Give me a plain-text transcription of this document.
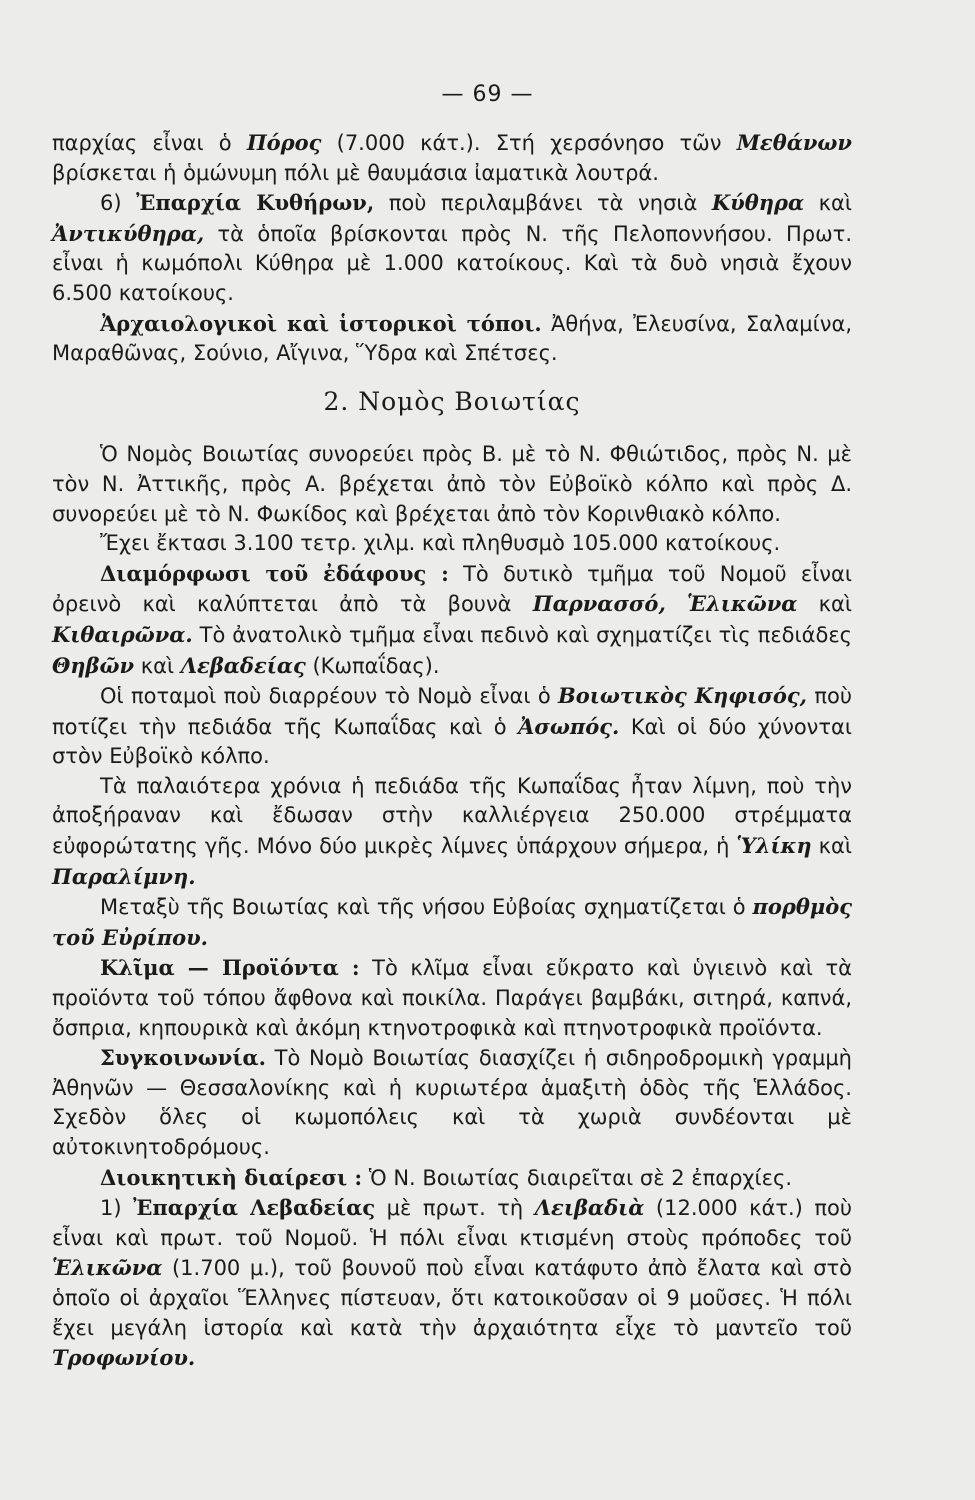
— 69 —

παρχίας εἶναι ὁ Πόρος (7.000 κάτ.). Στή χερσόνησο τῶν Μεθάνων βρίσκεται ἡ ὁμώνυμη πόλι μὲ θαυμάσια ἰαματικὰ λουτρά.

6) Ἐπαρχία Κυθήρων, ποὺ περιλαμβάνει τὰ νησιὰ Κύθηρα καὶ Ἀντικύθηρα, τὰ ὁποῖα βρίσκονται πρὸς Ν. τῆς Πελοποννήσου. Πρωτ. εἶναι ἡ κωμόπολι Κύθηρα μὲ 1.000 κατοίκους. Καὶ τὰ δυὸ νησιὰ ἔχουν 6.500 κατοίκους.

Ἀρχαιολογικοὶ καὶ ἱστορικοὶ τόποι. Ἀθήνα, Ἐλευσίνα, Σαλαμίνα, Μαραθῶνας, Σούνιο, Αἴγινα, Ὕδρα καὶ Σπέτσες.

2. Νομὸς Βοιωτίας

Ὁ Νομὸς Βοιωτίας συνορεύει πρὸς Β. μὲ τὸ Ν. Φθιώτιδος, πρὸς Ν. μὲ τὸν Ν. Ἀττικῆς, πρὸς Α. βρέχεται ἀπὸ τὸν Εὐβοϊκὸ κόλπο καὶ πρὸς Δ. συνορεύει μὲ τὸ Ν. Φωκίδος καὶ βρέχεται ἀπὸ τὸν Κορινθιακὸ κόλπο.

Ἔχει ἔκτασι 3.100 τετρ. χιλμ. καὶ πληθυσμὸ 105.000 κατοίκους.

Διαμόρφωσι τοῦ ἐδάφους : Τὸ δυτικὸ τμῆμα τοῦ Νομοῦ εἶναι ὀρεινὸ καὶ καλύπτεται ἀπὸ τὰ βουνὰ Παρνασσό, Ἑλικῶνα καὶ Κιθαιρῶνα. Τὸ ἀνατολικὸ τμῆμα εἶναι πεδινὸ καὶ σχηματίζει τὶς πεδιάδες Θηβῶν καὶ Λεβαδείας (Κωπαΐδας).

Οἱ ποταμοὶ ποὺ διαρρέουν τὸ Νομὸ εἶναι ὁ Βοιωτικὸς Κηφισός, ποὺ ποτίζει τὴν πεδιάδα τῆς Κωπαΐδας καὶ ὁ Ἀσωπός. Καὶ οἱ δύο χύνονται στὸν Εὐβοϊκὸ κόλπο.

Τὰ παλαιότερα χρόνια ἡ πεδιάδα τῆς Κωπαΐδας ἦταν λίμνη, ποὺ τὴν ἀποξήραναν καὶ ἔδωσαν στὴν καλλιέργεια 250.000 στρέμματα εὐφορώτατης γῆς. Μόνο δύο μικρὲς λίμνες ὑπάρχουν σήμερα, ἡ Ὑλίκη καὶ Παραλίμνη.

Μεταξὺ τῆς Βοιωτίας καὶ τῆς νήσου Εὐβοίας σχηματίζεται ὁ πορθμὸς τοῦ Εὐρίπου.

Κλῖμα — Προϊόντα : Τὸ κλῖμα εἶναι εὔκρατο καὶ ὑγιεινὸ καὶ τὰ προϊόντα τοῦ τόπου ἄφθονα καὶ ποικίλα. Παράγει βαμβάκι, σιτηρά, καπνά, ὄσπρια, κηπουρικὰ καὶ ἀκόμη κτηνοτροφικὰ καὶ πτηνοτροφικὰ προϊόντα.

Συγκοινωνία. Τὸ Νομὸ Βοιωτίας διασχίζει ἡ σιδηροδρομικὴ γραμμὴ Ἀθηνῶν — Θεσσαλονίκης καὶ ἡ κυριωτέρα ἁμαξιτὴ ὁδὸς τῆς Ἑλλάδος. Σχεδὸν ὅλες οἱ κωμοπόλεις καὶ τὰ χωριὰ συνδέονται μὲ αὐτοκινητοδρόμους.

Διοικητικὴ διαίρεσι : Ὁ Ν. Βοιωτίας διαιρεῖται σὲ 2 ἐπαρχίες.

1) Ἐπαρχία Λεβαδείας μὲ πρωτ. τὴ Λειβαδιὰ (12.000 κάτ.) ποὺ εἶναι καὶ πρωτ. τοῦ Νομοῦ. Ἡ πόλι εἶναι κτισμένη στοὺς πρόποδες τοῦ Ἑλικῶνα (1.700 μ.), τοῦ βουνοῦ ποὺ εἶναι κατάφυτο ἀπὸ ἔλατα καὶ στὸ ὁποῖο οἱ ἀρχαῖοι Ἕλληνες πίστευαν, ὅτι κατοικοῦσαν οἱ 9 μοῦσες. Ἡ πόλι ἔχει μεγάλη ἱστορία καὶ κατὰ τὴν ἀρχαιότητα εἶχε τὸ μαντεῖο τοῦ Τροφωνίου.
